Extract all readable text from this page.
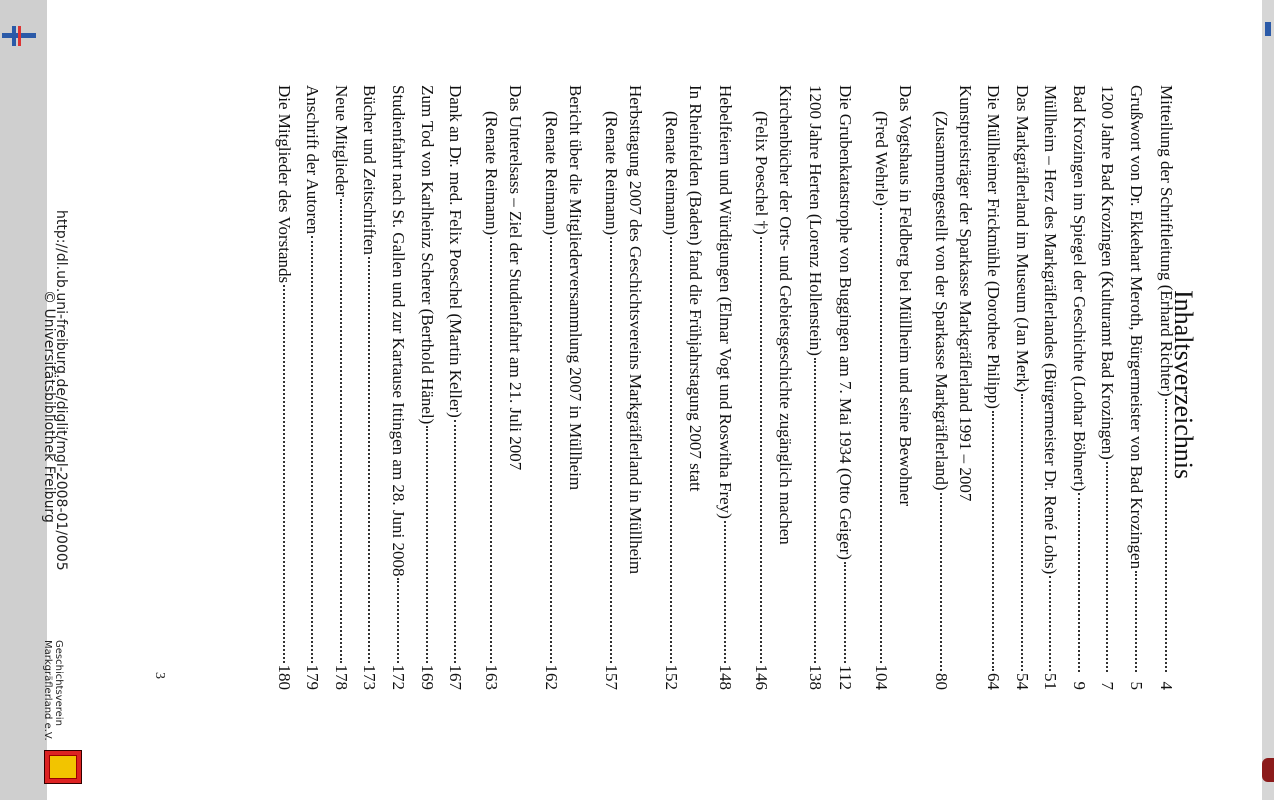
Inhaltsverzeichnis
Mitteilung der Schriftleitung (Erhard Richter)
4
Grußwort von Dr. Ekkehart Meroth, Bürgermeister von Bad Krozingen
5
1200 Jahre Bad Krozingen (Kulturamt Bad Krozingen)
7
Bad Krozingen im Spiegel der Geschichte (Lothar Böhnert)
9
Müllheim – Herz des Markgräflerlandes (Bürgermeister Dr. René Lohs)
51
Das Markgräflerland im Museum (Jan Merk)
54
Die Müllheimer Frickmühle (Dorothee Philipp)
64
Kunstpreisträger der Sparkasse Markgräflerland 1991 – 2007
(Zusammengestellt von der Sparkasse Markgräflerland)
80
Das Vogtshaus in Feldberg bei Müllheim und seine Bewohner
(Fred Wehrle)
104
Die Grubenkatastrophe von Buggingen am 7. Mai 1934 (Otto Geiger)
112
1200 Jahre Herten (Lorenz Hollenstein)
138
Kirchenbücher der Orts- und Gebietsgeschichte zugänglich machen
(Felix Poeschel †)
146
Hebelfeiern und Würdigungen (Elmar Vogt und Roswitha Frey)
148
In Rheinfelden (Baden) fand die Frühjahrstagung 2007 statt
(Renate Reimann)
152
Herbsttagung 2007 des Geschichtsvereins Markgräflerland in Müllheim
(Renate Reimann)
157
Bericht über die Mitgliederversammlung 2007 in Müllheim
(Renate Reimann)
162
Das Unterelsass – Ziel der Studienfahrt am 21. Juli 2007
(Renate Reimann)
163
Dank an Dr. med. Felix Poeschel (Martin Keller)
167
Zum Tod von Karlheinz Scherer (Berthold Hänel)
169
Studienfahrt nach St. Gallen und zur Kartause Ittingen am 28. Juni 2008
172
Bücher und Zeitschriften
173
Neue Mitglieder
178
Anschrift der Autoren
179
Die Mitglieder des Vorstands
180
3
http://dl.ub.uni-freiburg.de/diglit/mgl-2008-01/0005
© Universitätsbibliothek Freiburg
Geschichtsverein
Markgräflerland e.V.
